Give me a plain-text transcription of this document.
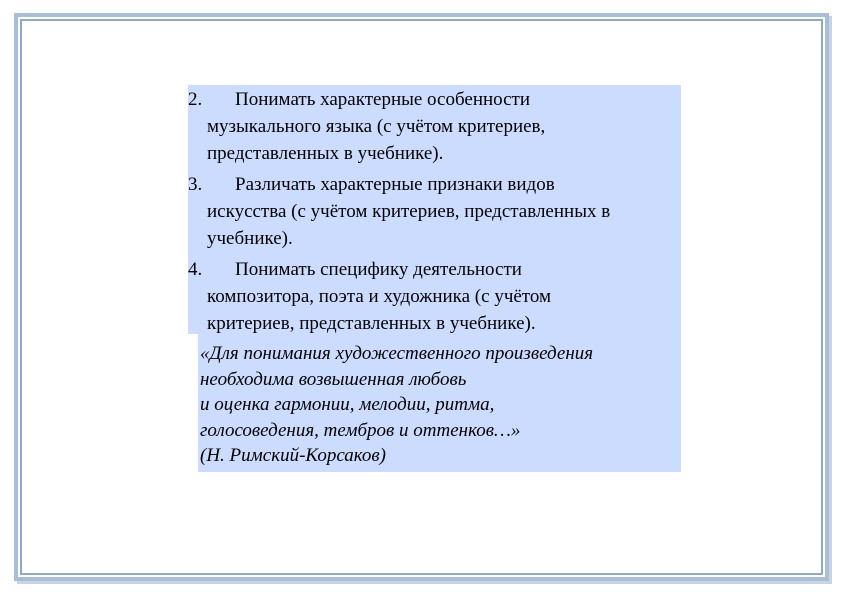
2. Понимать характерные особенности
музыкального языка (с учётом критериев,
представленных в учебнике).
3. Различать характерные признаки видов
искусства (с учётом критериев, представленных в
учебнике).
4. Понимать специфику деятельности
композитора, поэта и художника (с учётом
критериев, представленных в учебнике).
«Для понимания художественного произведения
необходима возвышенная любовь
и оценка гармонии, мелодии, ритма,
голосоведения, тембров и оттенков…»
(Н. Римский-Корсаков)
